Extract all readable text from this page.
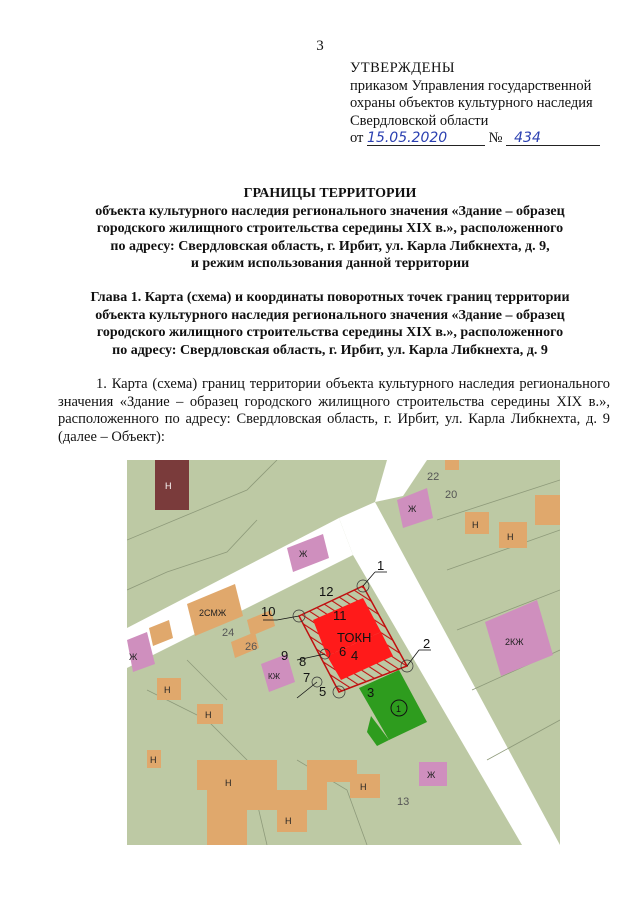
3
УТВЕРЖДЕНЫ
приказом Управления государственной
охраны объектов культурного наследия
Свердловской области
от 15.05.2020	№ 434
ГРАНИЦЫ ТЕРРИТОРИИ
объекта культурного наследия регионального значения «Здание – образец
городского жилищного строительства середины XIX в.», расположенного
по адресу: Свердловская область, г. Ирбит, ул. Карла Либкнехта, д. 9,
и режим использования данной территории
Глава 1. Карта (схема) и координаты поворотных точек границ территории
объекта культурного наследия регионального значения «Здание – образец
городского жилищного строительства середины XIX в.», расположенного
по адресу: Свердловская область, г. Ирбит, ул. Карла Либкнехта, д. 9
1. Карта (схема) границ территории объекта культурного наследия регионального значения «Здание – образец городского жилищного строительства середины XIX в.», расположенного по адресу: Свердловская область, г. Ирбит, ул. Карла Либкнехта, д. 9 (далее – Объект):
Н
Ж
Н
Н
20
22
2КЖ
Ж
Н
13
Ж
2СМЖ
24
Н
Н
Н
Ж
КЖ
26
Н
Н
1
ТОКН
1
2
3
4
5
6
7
8
9
10	11
12
